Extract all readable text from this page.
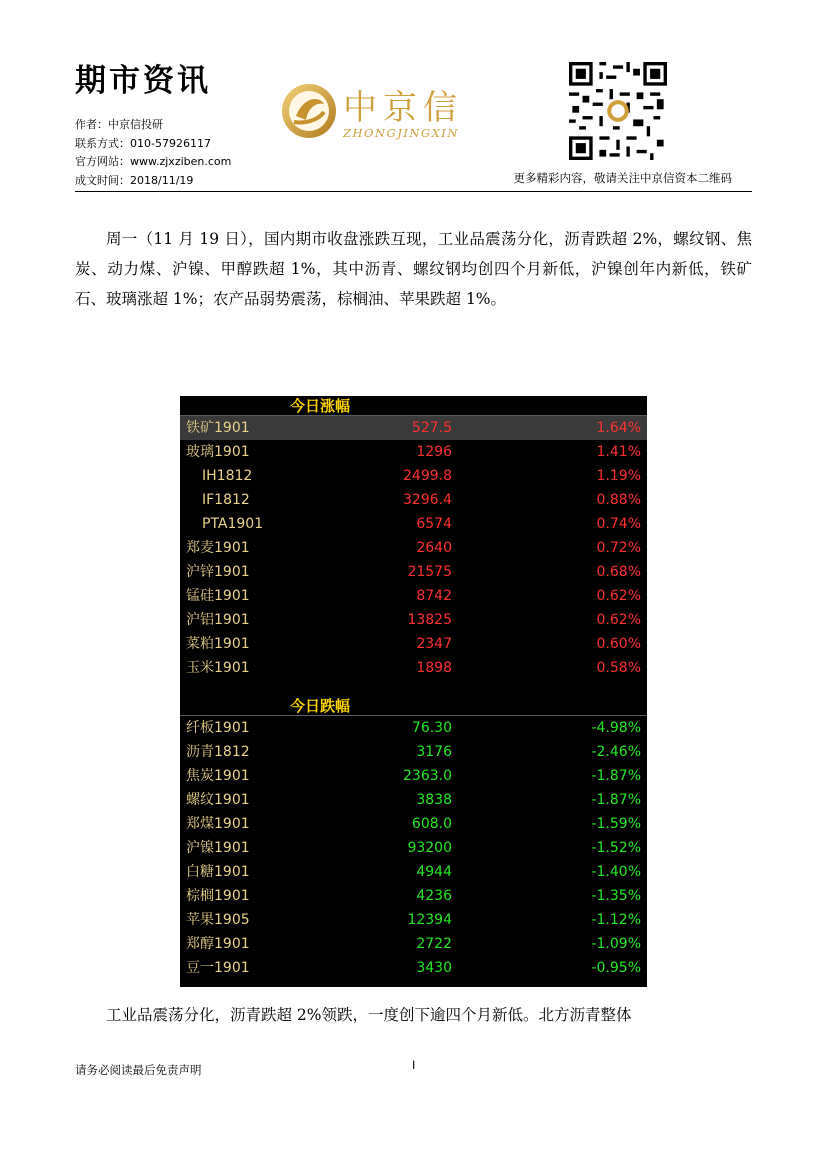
期市资讯
作者：中京信投研
联系方式：010-57926117
官方网站：www.zjxziben.com
成文时间：2018/11/19
中京信
ZHONGJINGXIN
更多精彩内容，敬请关注中京信资本二维码

周一（11 月 19 日），国内期市收盘涨跌互现，工业品震荡分化，沥青跌超 2%，螺纹钢、焦炭、动力煤、沪镍、甲醇跌超 1%，其中沥青、螺纹钢均创四个月新低，沪镍创年内新低，铁矿石、玻璃涨超 1%；农产品弱势震荡，棕榈油、苹果跌超 1%。

今日涨幅
铁矿1901	527.5	1.64%
玻璃1901	1296	1.41%
IH1812	2499.8	1.19%
IF1812	3296.4	0.88%
PTA1901	6574	0.74%
郑麦1901	2640	0.72%
沪锌1901	21575	0.68%
锰硅1901	8742	0.62%
沪铝1901	13825	0.62%
菜粕1901	2347	0.60%
玉米1901	1898	0.58%
今日跌幅
纤板1901	76.30	-4.98%
沥青1812	3176	-2.46%
焦炭1901	2363.0	-1.87%
螺纹1901	3838	-1.87%
郑煤1901	608.0	-1.59%
沪镍1901	93200	-1.52%
白糖1901	4944	-1.40%
棕榈1901	4236	-1.35%
苹果1905	12394	-1.12%
郑醇1901	2722	-1.09%
豆一1901	3430	-0.95%

工业品震荡分化，沥青跌超 2%领跌，一度创下逾四个月新低。北方沥青整体

请务必阅读最后免责声明	I
